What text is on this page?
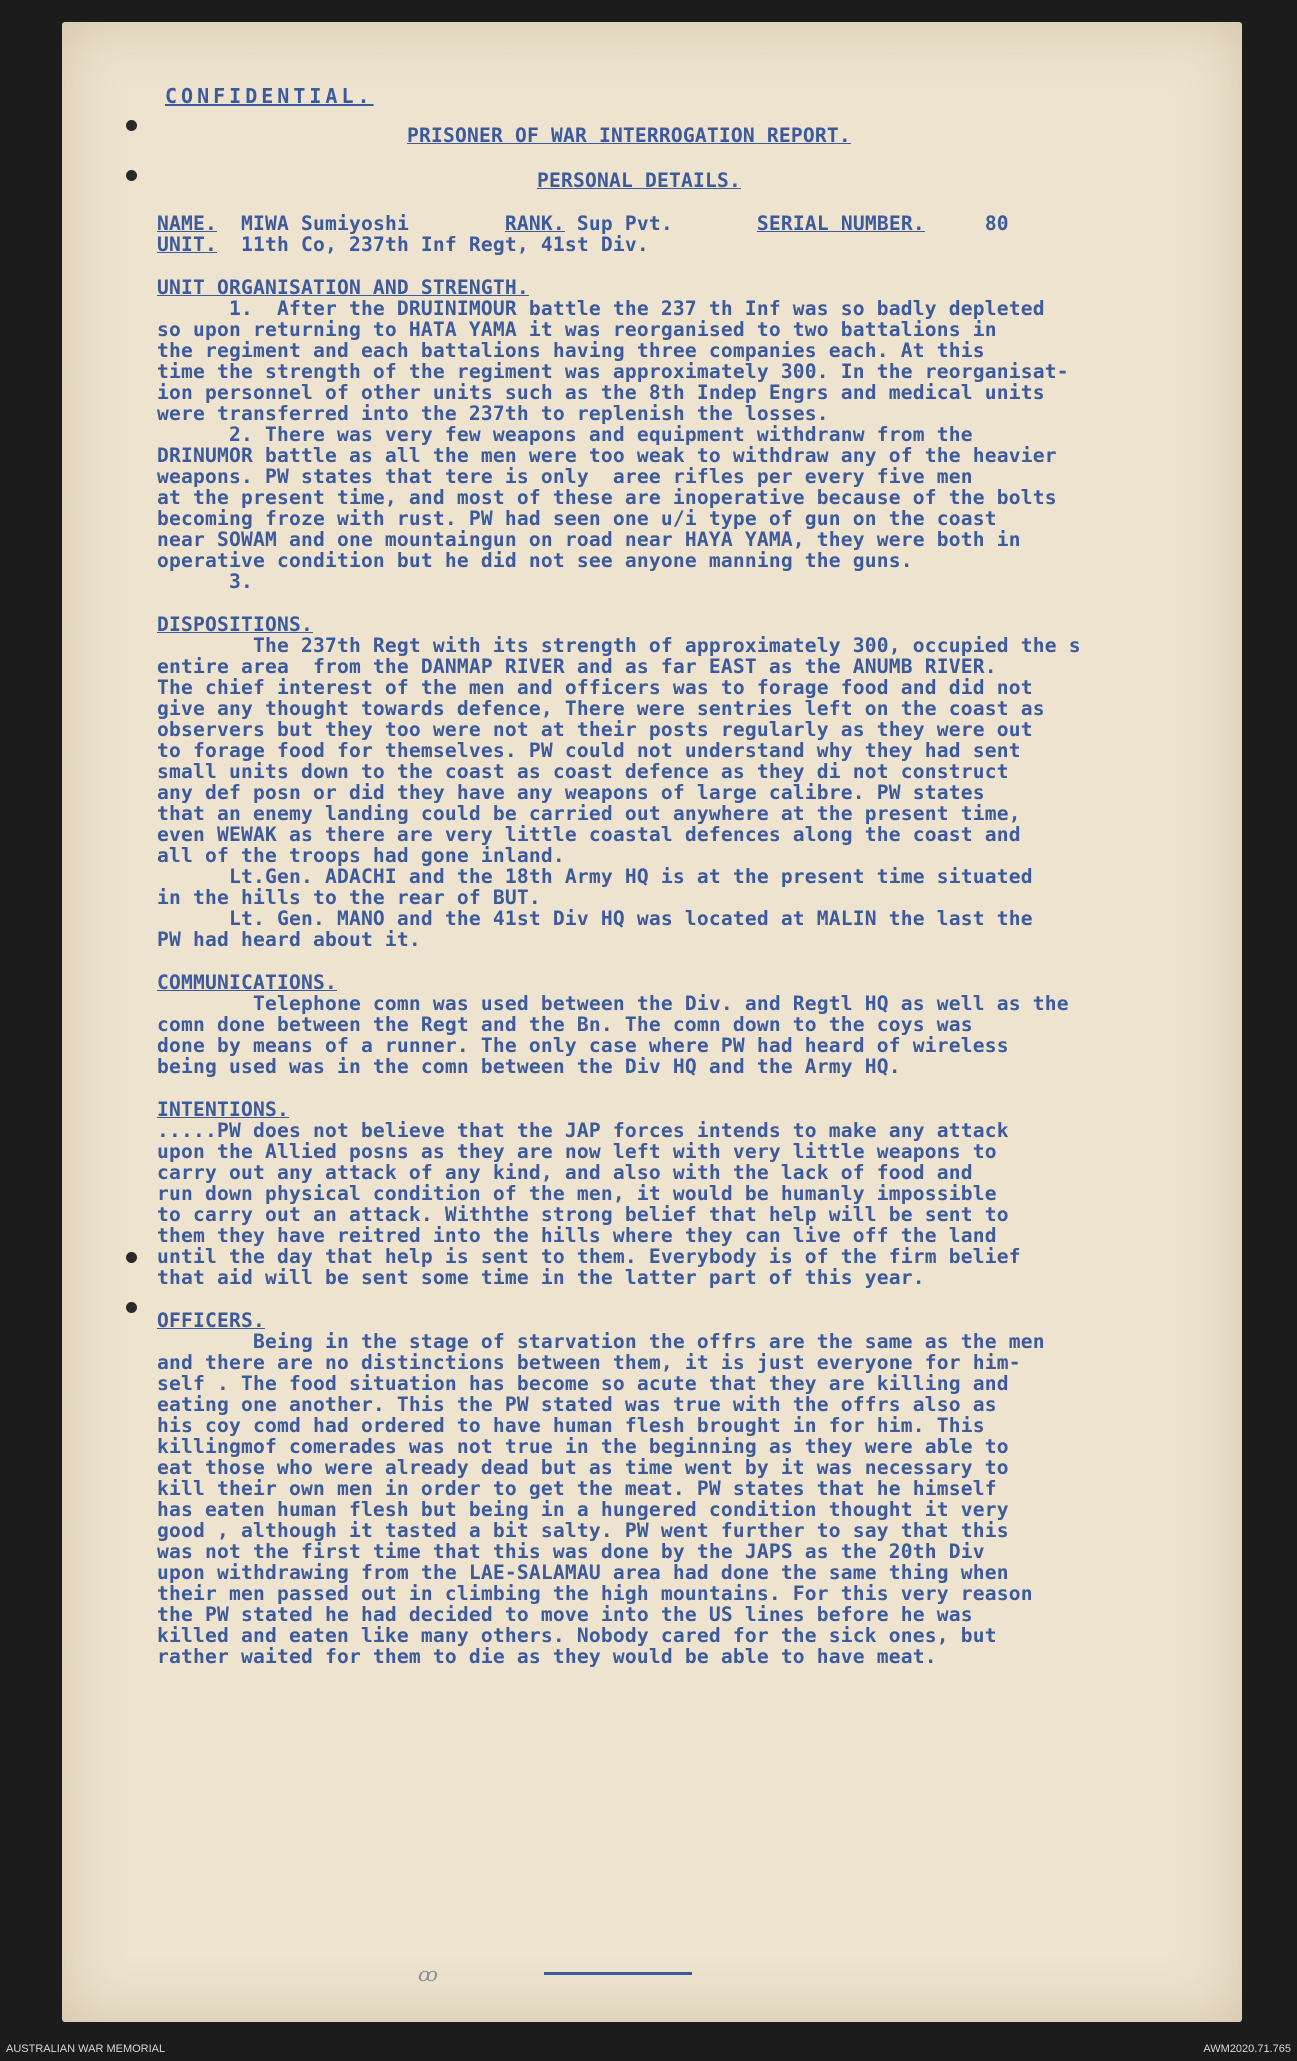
CONFIDENTIAL.
PRISONER OF WAR INTERROGATION REPORT.
PERSONAL DETAILS.
NAME. MIWA Sumiyoshi	RANK. Sup Pvt.	SERIAL NUMBER.	80
UNIT. 11th Co, 237th Inf Regt, 41st Div.
UNIT ORGANISATION AND STRENGTH.
1.  After the DRUINIMOUR battle the 237 th Inf was so badly depleted
so upon returning to HATA YAMA it was reorganised to two battalions in
the regiment and each battalions having three companies each. At this
time the strength of the regiment was approximately 300. In the reorganisat-
ion personnel of other units such as the 8th Indep Engrs and medical units
were transferred into the 237th to replenish the losses.
2. There was very few weapons and equipment withdranw from the
DRINUMOR battle as all the men were too weak to withdraw any of the heavier
weapons. PW states that tere is only  aree rifles per every five men
at the present time, and most of these are inoperative because of the bolts
becoming froze with rust. PW had seen one u/i type of gun on the coast
near SOWAM and one mountaingun on road near HAYA YAMA, they were both in
operative condition but he did not see anyone manning the guns.
3.
DISPOSITIONS.
The 237th Regt with its strength of approximately 300, occupied the s
entire area  from the DANMAP RIVER and as far EAST as the ANUMB RIVER.
The chief interest of the men and officers was to forage food and did not
give any thought towards defence, There were sentries left on the coast as
observers but they too were not at their posts regularly as they were out
to forage food for themselves. PW could not understand why they had sent
small units down to the coast as coast defence as they di not construct
any def posn or did they have any weapons of large calibre. PW states
that an enemy landing could be carried out anywhere at the present time,
even WEWAK as there are very little coastal defences along the coast and
all of the troops had gone inland.
Lt.Gen. ADACHI and the 18th Army HQ is at the present time situated
in the hills to the rear of BUT.
Lt. Gen. MANO and the 41st Div HQ was located at MALIN the last the
PW had heard about it.
COMMUNICATIONS.
Telephone comn was used between the Div. and Regtl HQ as well as the
comn done between the Regt and the Bn. The comn down to the coys was
done by means of a runner. The only case where PW had heard of wireless
being used was in the comn between the Div HQ and the Army HQ.
INTENTIONS.
.....PW does not believe that the JAP forces intends to make any attack
upon the Allied posns as they are now left with very little weapons to
carry out any attack of any kind, and also with the lack of food and
run down physical condition of the men, it would be humanly impossible
to carry out an attack. Withthe strong belief that help will be sent to
them they have reitred into the hills where they can live off the land
until the day that help is sent to them. Everybody is of the firm belief
that aid will be sent some time in the latter part of this year.
OFFICERS.
Being in the stage of starvation the offrs are the same as the men
and there are no distinctions between them, it is just everyone for him-
self . The food situation has become so acute that they are killing and
eating one another. This the PW stated was true with the offrs also as
his coy comd had ordered to have human flesh brought in for him. This
killingmof comerades was not true in the beginning as they were able to
eat those who were already dead but as time went by it was necessary to
kill their own men in order to get the meat. PW states that he himself
has eaten human flesh but being in a hungered condition thought it very
good , although it tasted a bit salty. PW went further to say that this
was not the first time that this was done by the JAPS as the 20th Div
upon withdrawing from the LAE-SALAMAU area had done the same thing when
their men passed out in climbing the high mountains. For this very reason
the PW stated he had decided to move into the US lines before he was
killed and eaten like many others. Nobody cared for the sick ones, but
rather waited for them to die as they would be able to have meat.
ꝏ
AUSTRALIAN WAR MEMORIAL	AWM2020.71.765
